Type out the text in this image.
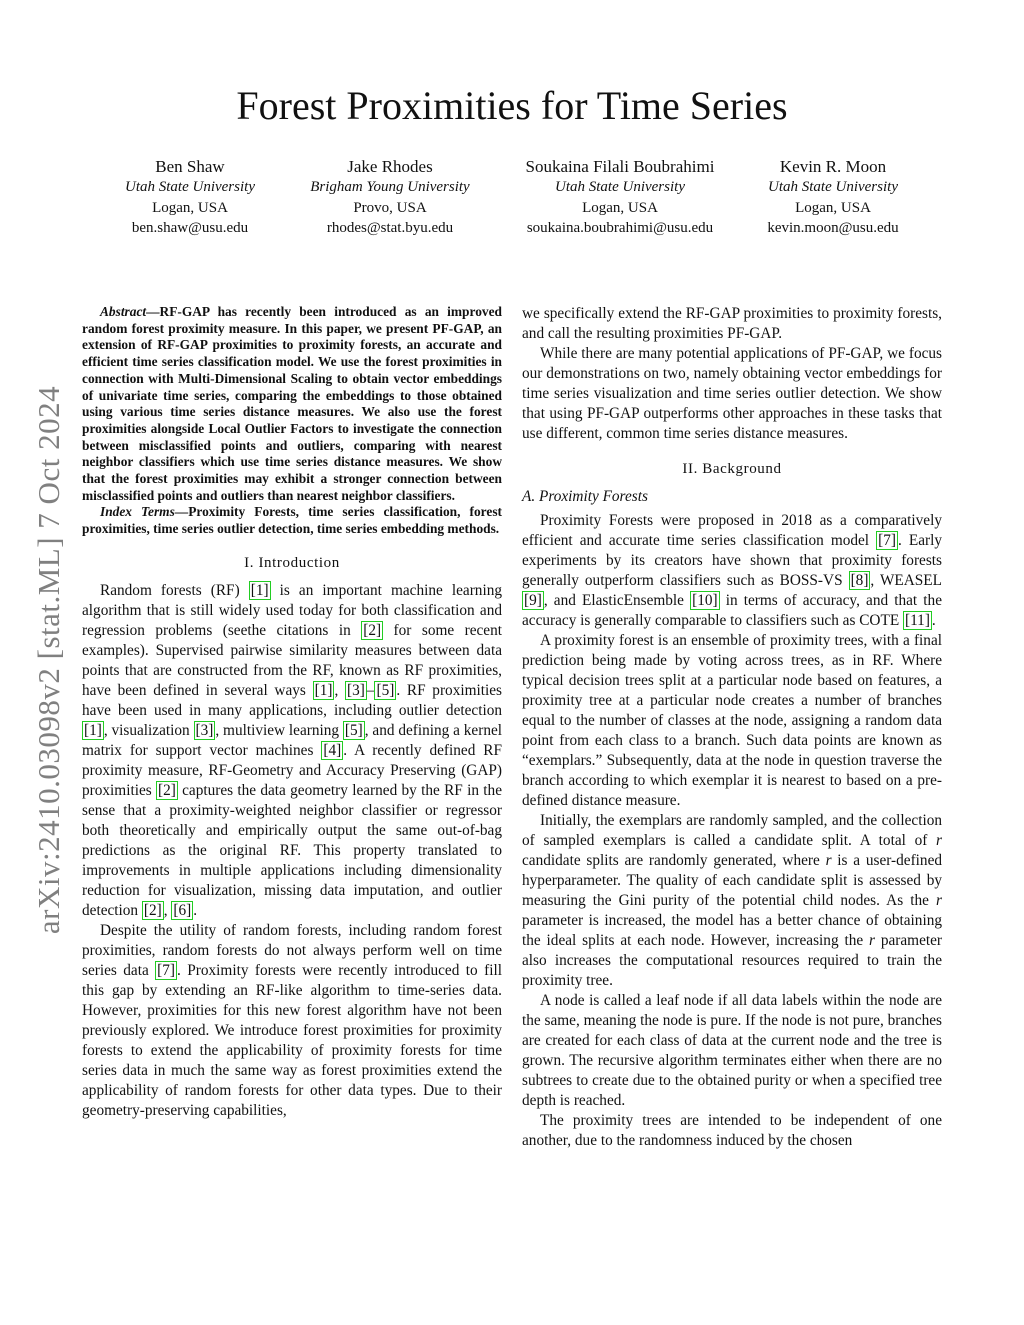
arXiv:2410.03098v2 [stat.ML] 7 Oct 2024
Forest Proximities for Time Series
Ben Shaw
Utah State University
Logan, USA
ben.shaw@usu.edu
Jake Rhodes
Brigham Young University
Provo, USA
rhodes@stat.byu.edu
Soukaina Filali Boubrahimi
Utah State University
Logan, USA
soukaina.boubrahimi@usu.edu
Kevin R. Moon
Utah State University
Logan, USA
kevin.moon@usu.edu

Abstract—RF-GAP has recently been introduced as an improved random forest proximity measure. In this paper, we present PF-GAP, an extension of RF-GAP proximities to proximity forests, an accurate and efficient time series classification model. We use the forest proximities in connection with Multi-Dimensional Scaling to obtain vector embeddings of univariate time series, comparing the embeddings to those obtained using various time series distance measures. We also use the forest proximities alongside Local Outlier Factors to investigate the connection between misclassified points and outliers, comparing with nearest neighbor classifiers which use time series distance measures. We show that the forest proximities may exhibit a stronger connection between misclassified points and outliers than nearest neighbor classifiers.

Index Terms—Proximity Forests, time series classification, forest proximities, time series outlier detection, time series embedding methods.

I. Introduction

Random forests (RF) [1] is an important machine learning algorithm that is still widely used today for both classification and regression problems (seethe citations in [2] for some recent examples). Supervised pairwise similarity measures between data points that are constructed from the RF, known as RF proximities, have been defined in several ways [1] , [3] – [5] . RF proximities have been used in many applications, including outlier detection [1] , visualization [3] , multiview learning [5] , and defining a kernel matrix for support vector machines [4] . A recently defined RF proximity measure, RF-Geometry and Accuracy Preserving (GAP) proximities [2] captures the data geometry learned by the RF in the sense that a proximity-weighted neighbor classifier or regressor both theoretically and empirically output the same out-of-bag predictions as the original RF. This property translated to improvements in multiple applications including dimensionality reduction for visualization, missing data imputation, and outlier detection [2] , [6] .

Despite the utility of random forests, including random forest proximities, random forests do not always perform well on time series data [7] . Proximity forests were recently introduced to fill this gap by extending an RF-like algorithm to time-series data. However, proximities for this new forest algorithm have not been previously explored. We introduce forest proximities for proximity forests to extend the applicability of proximity forests for time series data in much the same way as forest proximities extend the applicability of random forests for other data types. Due to their geometry-preserving capabilities,

we specifically extend the RF-GAP proximities to proximity forests, and call the resulting proximities PF-GAP.

While there are many potential applications of PF-GAP, we focus our demonstrations on two, namely obtaining vector embeddings for time series visualization and time series outlier detection. We show that using PF-GAP outperforms other approaches in these tasks that use different, common time series distance measures.

II. Background
A. Proximity Forests

Proximity Forests were proposed in 2018 as a comparatively efficient and accurate time series classification model [7] . Early experiments by its creators have shown that proximity forests generally outperform classifiers such as BOSS-VS [8] , WEASEL [9] , and ElasticEnsemble [10] in terms of accuracy, and that the accuracy is generally comparable to classifiers such as COTE [11] .

A proximity forest is an ensemble of proximity trees, with a final prediction being made by voting across trees, as in RF. Where typical decision trees split at a particular node based on features, a proximity tree at a particular node creates a number of branches equal to the number of classes at the node, assigning a random data point from each class to a branch. Such data points are known as “exemplars.” Subsequently, data at the node in question traverse the branch according to which exemplar it is nearest to based on a pre-defined distance measure.

Initially, the exemplars are randomly sampled, and the collection of sampled exemplars is called a candidate split. A total of r candidate splits are randomly generated, where r is a user-defined hyperparameter. The quality of each candidate split is assessed by measuring the Gini purity of the potential child nodes. As the r parameter is increased, the model has a better chance of obtaining the ideal splits at each node. However, increasing the r parameter also increases the computational resources required to train the proximity tree.

A node is called a leaf node if all data labels within the node are the same, meaning the node is pure. If the node is not pure, branches are created for each class of data at the current node and the tree is grown. The recursive algorithm terminates either when there are no subtrees to create due to the obtained purity or when a specified tree depth is reached.

The proximity trees are intended to be independent of one another, due to the randomness induced by the chosen
